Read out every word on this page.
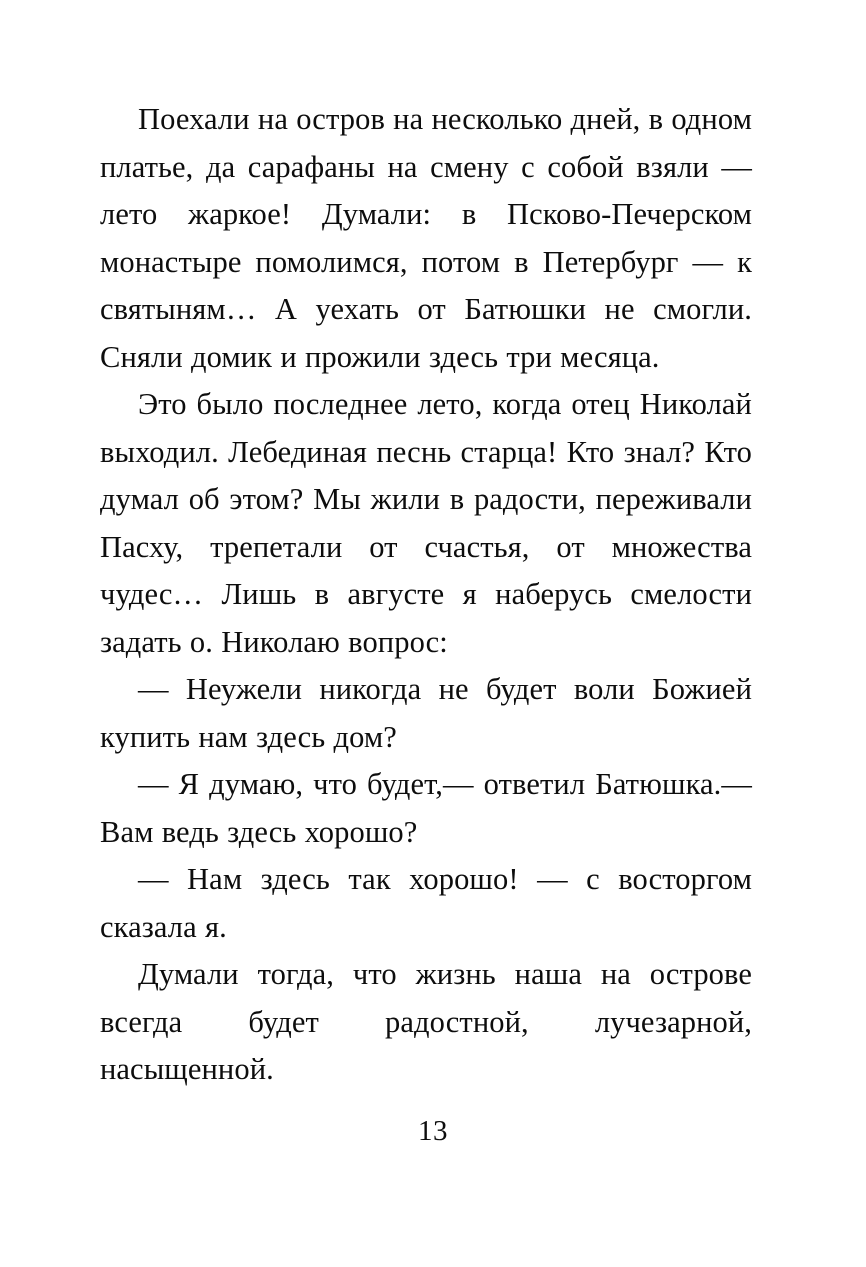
Поехали на остров на несколько дней, в одном платье, да сарафаны на смену с собой взяли — лето жаркое! Думали: в Псково-Печерском монастыре помолимся, потом в Петербург — к святыням… А уехать от Батюшки не смогли. Сняли домик и прожили здесь три месяца.

Это было последнее лето, когда отец Николай выходил. Лебединая песнь старца! Кто знал? Кто думал об этом? Мы жили в радости, переживали Пасху, трепетали от счастья, от множества чудес… Лишь в августе я наберусь смелости задать о. Николаю вопрос:

— Неужели никогда не будет воли Божией купить нам здесь дом?

— Я думаю, что будет,— ответил Батюшка.— Вам ведь здесь хорошо?

— Нам здесь так хорошо! — с восторгом сказала я.

Думали тогда, что жизнь наша на острове всегда будет радостной, лучезарной, насыщенной.

13
